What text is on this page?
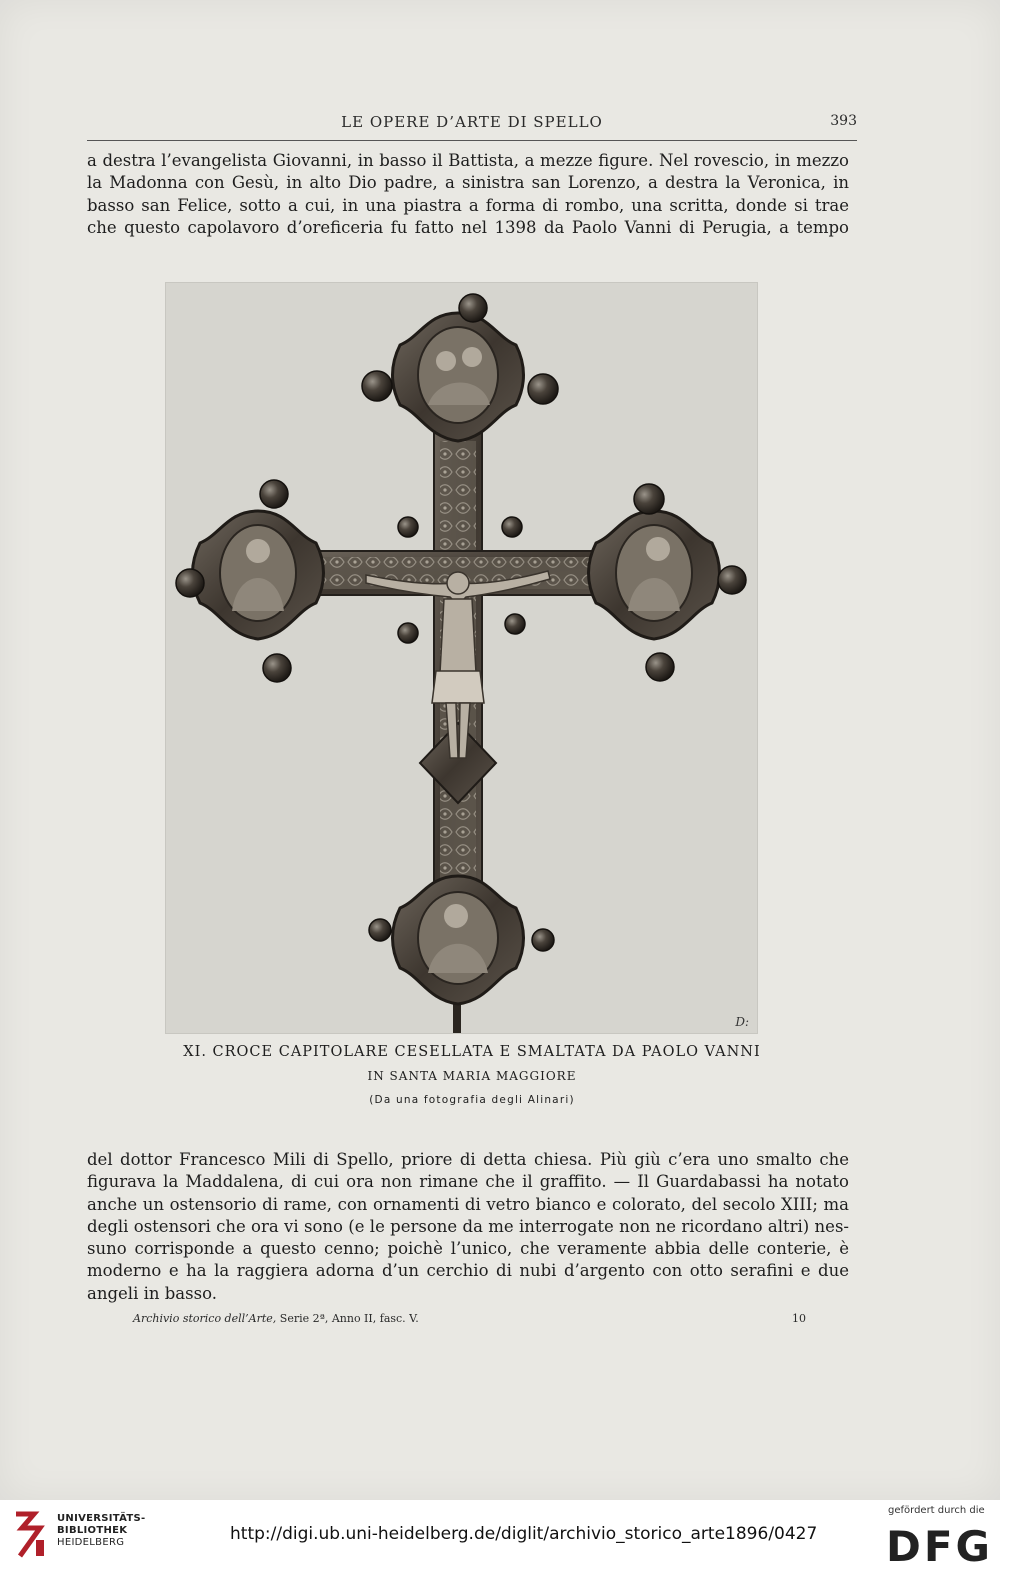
LE OPERE D’ARTE DI SPELLO	393
a destra l’evangelista Giovanni, in basso il Battista, a mezze figure. Nel rovescio, in mezzo
la Madonna con Gesù, in alto Dio padre, a sinistra san Lorenzo, a destra la Veronica, in
basso san Felice, sotto a cui, in una piastra a forma di rombo, una scritta, donde si trae
che questo capolavoro d’oreficeria fu fatto nel 1398 da Paolo Vanni di Perugia, a tempo
D:
XI. CROCE CAPITOLARE CESELLATA E SMALTATA DA PAOLO VANNI
IN SANTA MARIA MAGGIORE
(Da una fotografia degli Alinari)
del dottor Francesco Mili di Spello, priore di detta chiesa. Più giù c’era uno smalto che
figurava la Maddalena, di cui ora non rimane che il graffito. — Il Guardabassi ha notato
anche un ostensorio di rame, con ornamenti di vetro bianco e colorato, del secolo XIII; ma
degli ostensori che ora vi sono (e le persone da me interrogate non ne ricordano altri) nes-
suno corrisponde a questo cenno; poichè l’unico, che veramente abbia delle conterie, è
moderno e ha la raggiera adorna d’un cerchio di nubi d’argento con otto serafini e due
angeli in basso.
Archivio storico dell’Arte, Serie 2ª, Anno II, fasc. V.	10
UNIVERSITÄTS-
BIBLIOTHEK
HEIDELBERG	http://digi.ub.uni-heidelberg.de/diglit/archivio_storico_arte1896/0427
gefördert durch die
DFG
